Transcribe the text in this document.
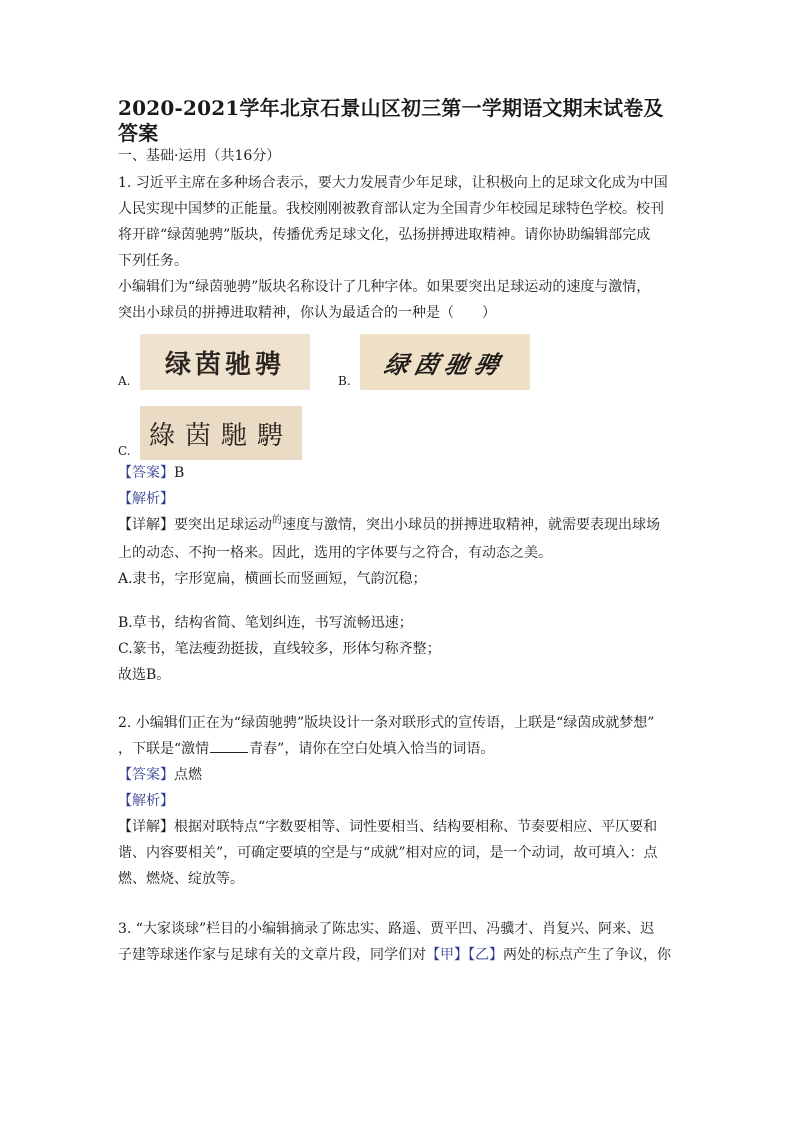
2020-2021学年北京石景山区初三第一学期语文期末试卷及
答案
一、基础·运用（共16分）

1. 习近平主席在多种场合表示，要大力发展青少年足球，让积极向上的足球文化成为中国

人民实现中国梦的正能量。我校刚刚被教育部认定为全国青少年校园足球特色学校。校刊

将开辟“绿茵驰骋”版块，传播优秀足球文化，弘扬拼搏进取精神。请你协助编辑部完成

下列任务。

小编辑们为“绿茵驰骋”版块名称设计了几种字体。如果要突出足球运动的速度与激情，

突出小球员的拼搏进取精神，你认为最适合的一种是（　　）

A.
绿茵驰骋
B.
绿茵驰骋
C.
綠茵馳騁

【答案】B

【解析】

【详解】要突出足球运动$^的$速度与激情，突出小球员的拼搏进取精神，就需要表现出球场

上的动态、不拘一格来。因此，选用的字体要与之符合，有动态之美。

A.隶书，字形宽扁，横画长而竖画短，气韵沉稳；

B.草书，结构省简、笔划纠连，书写流畅迅速；

C.篆书，笔法瘦劲挺拔，直线较多，形体匀称齐整；

故选B。

2. 小编辑们正在为“绿茵驰骋”版块设计一条对联形式的宣传语，上联是“绿茵成就梦想”

，下联是“激情	青春”，请你在空白处填入恰当的词语。

【答案】点燃

【解析】

【详解】根据对联特点“字数要相等、词性要相当、结构要相称、节奏要相应、平仄要和

谐、内容要相关”，可确定要填的空是与“成就”相对应的词，是一个动词，故可填入：点

燃、燃烧、绽放等。

3. “大家谈球”栏目的小编辑摘录了陈忠实、路遥、贾平凹、冯骥才、肖复兴、阿来、迟

子建等球迷作家与足球有关的文章片段，同学们对【甲】【乙】两处的标点产生了争议，你
